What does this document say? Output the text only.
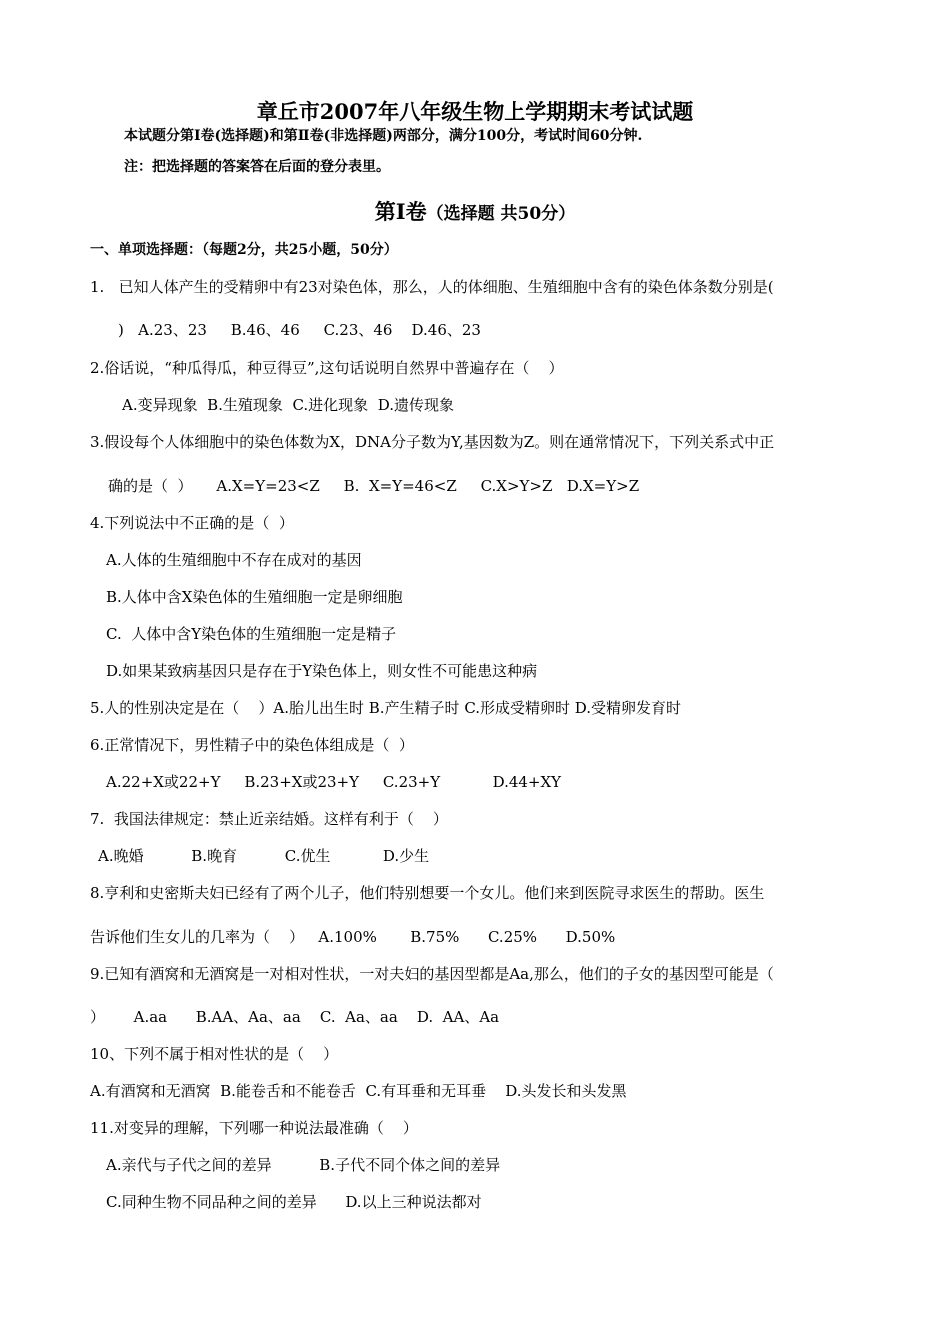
章丘市2007年八年级生物上学期期末考试试题
本试题分第Ⅰ卷(选择题)和第Ⅱ卷(非选择题)两部分，满分100分，考试时间60分钟.
注：把选择题的答案答在后面的登分表里。
第Ⅰ卷（选择题 共50分）
一、单项选择题：（每题2分，共25小题，50分）
1.   已知人体产生的受精卵中有23对染色体，那么，人的体细胞、生殖细胞中含有的染色体条数分别是(
)   A.23、23     B.46、46     C.23、46    D.46、23
2.俗话说，“种瓜得瓜，种豆得豆”,这句话说明自然界中普遍存在（    ）
A.变异现象  B.生殖现象  C.进化现象  D.遗传现象
3.假设每个人体细胞中的染色体数为X，DNA分子数为Y,基因数为Z。则在通常情况下，下列关系式中正
确的是（  ）     A.X=Y=23<Z     B.  X=Y=46<Z     C.X>Y>Z   D.X=Y>Z
4.下列说法中不正确的是（  ）
A.人体的生殖细胞中不存在成对的基因
B.人体中含X染色体的生殖细胞一定是卵细胞
C.  人体中含Y染色体的生殖细胞一定是精子
D.如果某致病基因只是存在于Y染色体上，则女性不可能患这种病
5.人的性别决定是在（    ）A.胎儿出生时 B.产生精子时 C.形成受精卵时 D.受精卵发育时
6.正常情况下，男性精子中的染色体组成是（  ）
A.22+X或22+Y     B.23+X或23+Y     C.23+Y           D.44+XY
7.  我国法律规定：禁止近亲结婚。这样有利于（    ）
A.晚婚          B.晚育          C.优生           D.少生
8.亨利和史密斯夫妇已经有了两个儿子，他们特别想要一个女儿。他们来到医院寻求医生的帮助。医生
告诉他们生女儿的几率为（    ）   A.100%       B.75%      C.25%      D.50%
9.已知有酒窝和无酒窝是一对相对性状，一对夫妇的基因型都是Aa,那么，他们的子女的基因型可能是（
）      A.aa      B.AA、Aa、aa    C.  Aa、aa    D.  AA、Aa
10、下列不属于相对性状的是（    ）
A.有酒窝和无酒窝  B.能卷舌和不能卷舌  C.有耳垂和无耳垂    D.头发长和头发黑
11.对变异的理解，下列哪一种说法最准确（    ）
A.亲代与子代之间的差异          B.子代不同个体之间的差异
C.同种生物不同品种之间的差异      D.以上三种说法都对
